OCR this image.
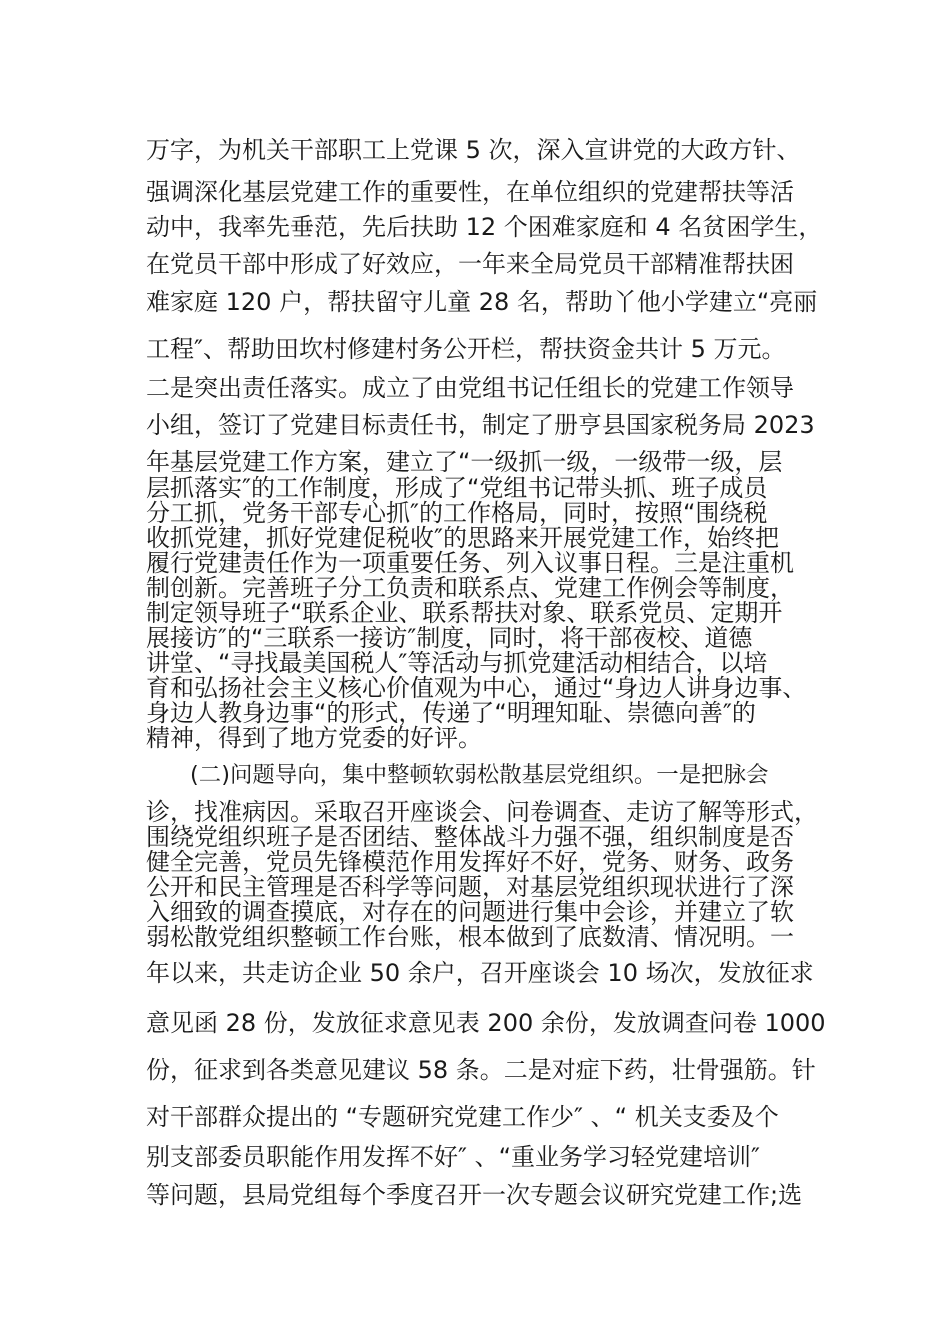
万字，为机关干部职工上党课 5 次，深入宣讲党的大政方针、
强调深化基层党建工作的重要性，在单位组织的党建帮扶等活
动中，我率先垂范，先后扶助 12 个困难家庭和 4 名贫困学生，
在党员干部中形成了好效应，一年来全局党员干部精准帮扶困
难家庭 120 户，帮扶留守儿童 28 名，帮助丫他小学建立“亮丽
工程″、帮助田坎村修建村务公开栏，帮扶资金共计 5 万元。
二是突出责任落实。成立了由党组书记任组长的党建工作领导
小组，签订了党建目标责任书，制定了册亨县国家税务局 2023
年基层党建工作方案，建立了“一级抓一级，一级带一级，层
层抓落实″的工作制度，形成了“党组书记带头抓、班子成员
分工抓，党务干部专心抓″的工作格局，同时，按照“围绕税
收抓党建，抓好党建促税收″的思路来开展党建工作，始终把
履行党建责任作为一项重要任务、列入议事日程。三是注重机
制创新。完善班子分工负责和联系点、党建工作例会等制度，
制定领导班子“联系企业、联系帮扶对象、联系党员、定期开
展接访″的“三联系一接访″制度，同时，将干部夜校、道德
讲堂、“寻找最美国税人″等活动与抓党建活动相结合，以培
育和弘扬社会主义核心价值观为中心，通过“身边人讲身边事、
身边人教身边事“的形式，传递了“明理知耻、崇德向善″的
精神，得到了地方党委的好评。
(二)问题导向，集中整顿软弱松散基层党组织。一是把脉会
诊，找准病因。采取召开座谈会、问卷调查、走访了解等形式，
围绕党组织班子是否团结、整体战斗力强不强，组织制度是否
健全完善，党员先锋模范作用发挥好不好，党务、财务、政务
公开和民主管理是否科学等问题，对基层党组织现状进行了深
入细致的调查摸底，对存在的问题进行集中会诊，并建立了软
弱松散党组织整顿工作台账，根本做到了底数清、情况明。一
年以来，共走访企业 50 余户，召开座谈会 10 场次，发放征求
意见函 28 份，发放征求意见表 200 余份，发放调查问卷 1000
份，征求到各类意见建议 58 条。二是对症下药，壮骨强筋。针
对干部群众提出的 “专题研究党建工作少″ 、“ 机关支委及个
别支部委员职能作用发挥不好″ 、“重业务学习轻党建培训″
等问题，县局党组每个季度召开一次专题会议研究党建工作;选
